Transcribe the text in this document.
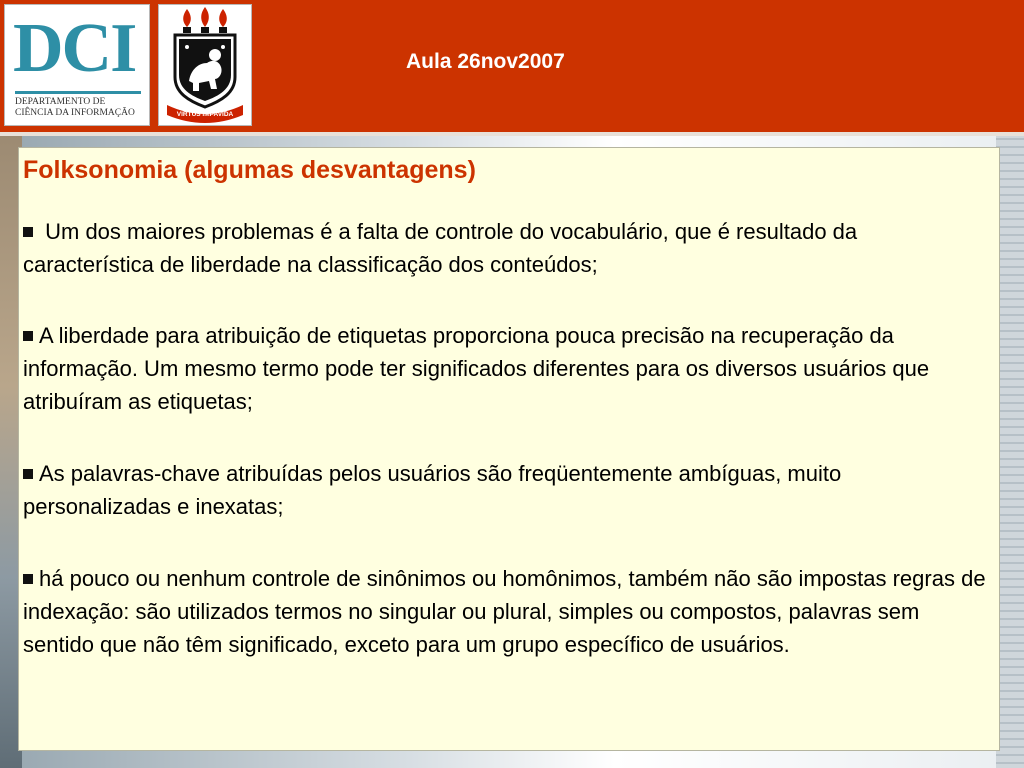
DCI
DEPARTAMENTO DE
CIÊNCIA DA INFORMAÇÃO	VIRTUS IMPAVIDA
Aula 26nov2007
Folksonomia (algumas desvantagens)
Um dos maiores problemas é a falta de controle do vocabulário, que é resultado da característica de liberdade na classificação dos conteúdos;
A liberdade para atribuição de etiquetas proporciona pouca precisão na recuperação da informação. Um mesmo termo pode ter significados diferentes para os diversos usuários que atribuíram as etiquetas;
As palavras-chave atribuídas pelos usuários são freqüentemente ambíguas, muito personalizadas e inexatas;
há pouco ou nenhum controle de sinônimos ou homônimos, também não são impostas regras de indexação: são utilizados termos no singular ou plural, simples ou compostos, palavras sem sentido que não têm significado, exceto para um grupo específico de usuários.
